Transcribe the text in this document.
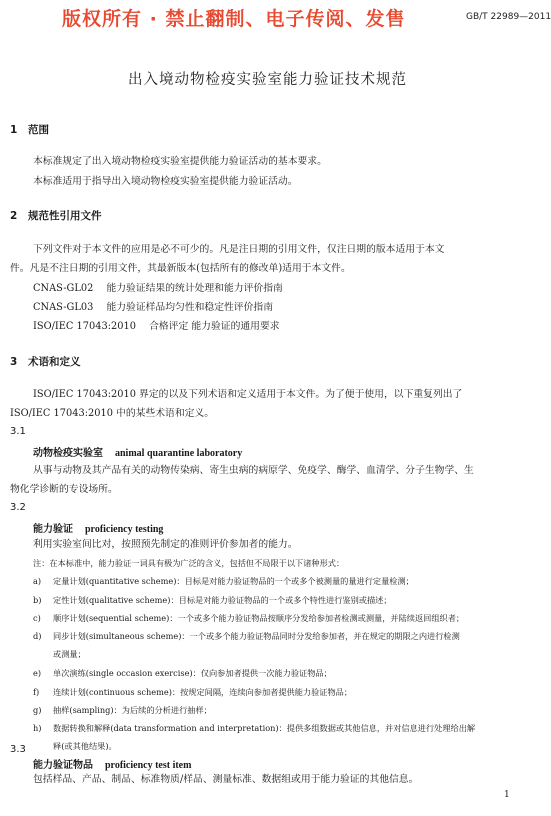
版权所有 · 禁止翻制、电子传阅、发售	GB/T 22989—2011
出入境动物检疫实验室能力验证技术规范
1 范围
本标准规定了出入境动物检疫实验室提供能力验证活动的基本要求。
本标准适用于指导出入境动物检疫实验室提供能力验证活动。
2 规范性引用文件
下列文件对于本文件的应用是必不可少的。凡是注日期的引用文件，仅注日期的版本适用于本文
件。凡是不注日期的引用文件，其最新版本(包括所有的修改单)适用于本文件。
CNAS-GL02 能力验证结果的统计处理和能力评价指南
CNAS-GL03 能力验证样品均匀性和稳定性评价指南
ISO/IEC 17043:2010 合格评定 能力验证的通用要求
3 术语和定义
ISO/IEC 17043:2010 界定的以及下列术语和定义适用于本文件。为了便于使用，以下重复列出了
ISO/IEC 17043:2010 中的某些术语和定义。
3.1
动物检疫实验室 animal quarantine laboratory
从事与动物及其产品有关的动物传染病、寄生虫病的病原学、免疫学、酶学、血清学、分子生物学、生
物化学诊断的专设场所。
3.2
能力验证 proficiency testing
利用实验室间比对，按照预先制定的准则评价参加者的能力。
注：在本标准中，能力验证一词具有极为广泛的含义，包括但不局限于以下诸种形式：
a) 定量计划(quantitative scheme)：目标是对能力验证物品的一个或多个被测量的量进行定量检测；
b) 定性计划(qualitative scheme)：目标是对能力验证物品的一个或多个特性进行鉴别或描述；
c) 顺序计划(sequential scheme)：一个或多个能力验证物品按顺序分发给参加者检测或测量，并陆续返回组织者；
d) 同步计划(simultaneous scheme)：一个或多个能力验证物品同时分发给参加者，并在规定的期限之内进行检测
或测量；
e) 单次演练(single occasion exercise)：仅向参加者提供一次能力验证物品；
f) 连续计划(continuous scheme)：按规定间隔，连续向参加者提供能力验证物品；
g) 抽样(sampling)：为后续的分析进行抽样；
h) 数据转换和解释(data transformation and interpretation)：提供多组数据或其他信息，并对信息进行处理给出解
释(或其他结果)。
3.3
能力验证物品 proficiency test item
包括样品、产品、制品、标准物质/样品、测量标准、数据组或用于能力验证的其他信息。
1
